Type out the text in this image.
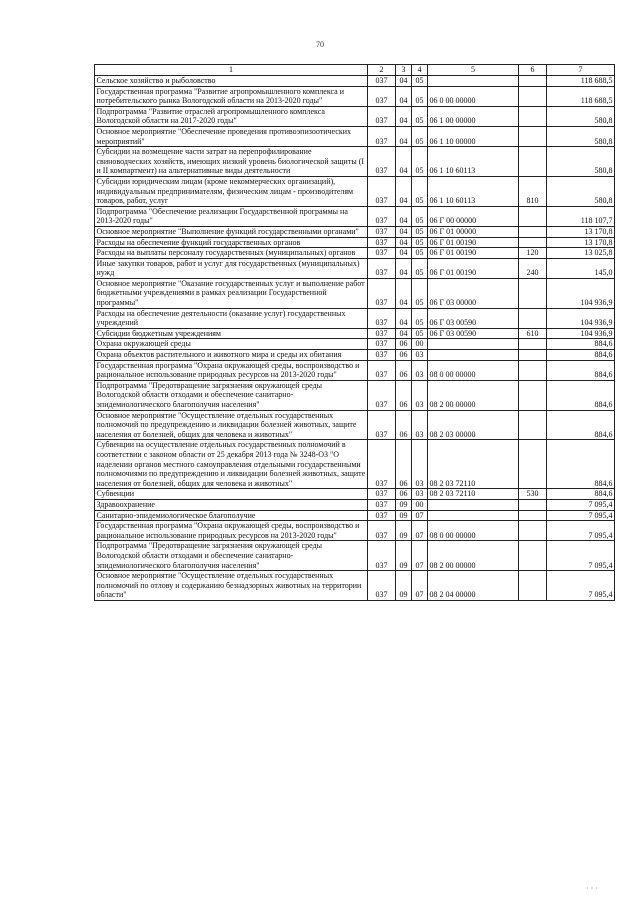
70
1	2	3	4	5	6	7
Сельское хозяйство и рыболовство	037	04	05			118 688,5
Государственная программа "Развитие агропромышленного комплекса и потребительского рынка Вологодской области на 2013-2020 годы"	037	04	05	06 0 00 00000		118 688,5
Подпрограмма "Развитие отраслей агропромышленного комплекса Вологодской области на 2017-2020 годы"	037	04	05	06 1 00 00000		580,8
Основное мероприятие "Обеспечение проведения противоэпизоотических мероприятий"	037	04	05	06 1 10 00000		580,8
Субсидии на возмещение части затрат на перепрофилирование свиноводческих хозяйств, имеющих низкий уровень биологической защиты (I и II компартмент) на альтернативные виды деятельности	037	04	05	06 1 10 60113		580,8
Субсидии юридическим лицам (кроме некоммерческих организаций), индивидуальным предпринимателям, физическим лицам - производителям товаров, работ, услуг	037	04	05	06 1 10 60113	810	580,8
Подпрограмма "Обеспечение реализации Государственной программы на 2013-2020 годы"	037	04	05	06 Г 00 00000		118 107,7
Основное мероприятие "Выполнение функций государственными органами"	037	04	05	06 Г 01 00000		13 170,8
Расходы на обеспечение функций государственных органов	037	04	05	06 Г 01 00190		13 170,8
Расходы на выплаты персоналу государственных (муниципальных) органов	037	04	05	06 Г 01 00190	120	13 025,8
Иные закупки товаров, работ и услуг для государственных (муниципальных) нужд	037	04	05	06 Г 01 00190	240	145,0
Основное мероприятие "Оказание государственных услуг и выполнение работ бюджетными учреждениями в рамках реализации Государственной программы"	037	04	05	06 Г 03 00000		104 936,9
Расходы на обеспечение деятельности (оказание услуг) государственных учреждений	037	04	05	06 Г 03 00590		104 936,9
Субсидии бюджетным учреждениям	037	04	05	06 Г 03 00590	610	104 936,9
Охрана окружающей среды	037	06	00			884,6
Охрана объектов растительного и животного мира и среды их обитания	037	06	03			884,6
Государственная программа "Охрана окружающей среды, воспроизводство и рациональное использование природных ресурсов на 2013-2020 годы"	037	06	03	08 0 00 00000		884,6
Подпрограмма "Предотвращение загрязнения окружающей среды Вологодской области отходами и обеспечение санитарно-эпидемиологического благополучия населения"	037	06	03	08 2 00 00000		884,6
Основное мероприятие "Осуществление отдельных государственных полномочий по предупреждению и ликвидации болезней животных, защите населения от болезней, общих для человека и животных"	037	06	03	08 2 03 00000		884,6
Субвенции на осуществление отдельных государственных полномочий в соответствии с законом области от 25 декабря 2013 года № 3248-ОЗ "О наделении органов местного самоуправления отдельными государственными полномочиями по предупреждению и ликвидации болезней животных, защите населения от болезней, общих для человека и животных"	037	06	03	08 2 03 72110		884,6
Субвенции	037	06	03	08 2 03 72110	530	884,6
Здравоохранение	037	09	00			7 095,4
Санитарно-эпидемиологическое благополучие	037	09	07			7 095,4
Государственная программа "Охрана окружающей среды, воспроизводство и рациональное использование природных ресурсов на 2013-2020 годы"	037	09	07	08 0 00 00000		7 095,4
Подпрограмма "Предотвращение загрязнения окружающей среды Вологодской области отходами и обеспечение санитарно-эпидемиологического благополучия населения"	037	09	07	08 2 00 00000		7 095,4
Основное мероприятие "Осуществление отдельных государственных полномочий по отлову и содержанию безнадзорных животных на территории области"	037	09	07	08 2 04 00000		7 095,4
· · ·
